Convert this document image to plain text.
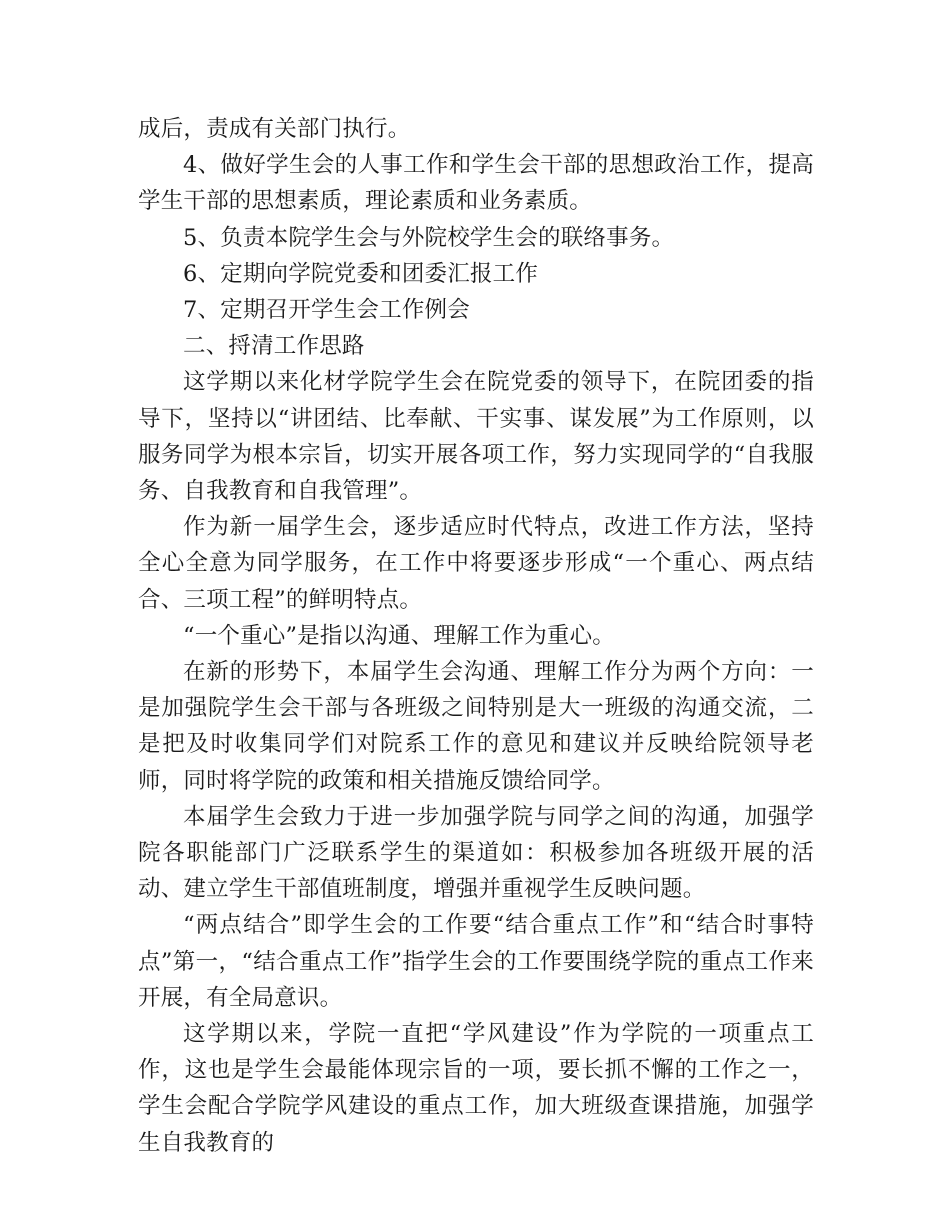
成后，责成有关部门执行。

4、做好学生会的人事工作和学生会干部的思想政治工作，提高学生干部的思想素质，理论素质和业务素质。

5、负责本院学生会与外院校学生会的联络事务。

6、定期向学院党委和团委汇报工作

7、定期召开学生会工作例会

二、捋清工作思路

这学期以来化材学院学生会在院党委的领导下，在院团委的指导下，坚持以“讲团结、比奉献、干实事、谋发展”为工作原则，以服务同学为根本宗旨，切实开展各项工作，努力实现同学的“自我服务、自我教育和自我管理”。

作为新一届学生会，逐步适应时代特点，改进工作方法，坚持全心全意为同学服务，在工作中将要逐步形成“一个重心、两点结合、三项工程”的鲜明特点。

“一个重心”是指以沟通、理解工作为重心。

在新的形势下，本届学生会沟通、理解工作分为两个方向：一是加强院学生会干部与各班级之间特别是大一班级的沟通交流，二是把及时收集同学们对院系工作的意见和建议并反映给院领导老师，同时将学院的政策和相关措施反馈给同学。

本届学生会致力于进一步加强学院与同学之间的沟通，加强学院各职能部门广泛联系学生的渠道如：积极参加各班级开展的活动、建立学生干部值班制度，增强并重视学生反映问题。

“两点结合”即学生会的工作要“结合重点工作”和“结合时事特点”第一，“结合重点工作”指学生会的工作要围绕学院的重点工作来开展，有全局意识。

这学期以来，学院一直把“学风建设”作为学院的一项重点工作，这也是学生会最能体现宗旨的一项，要长抓不懈的工作之一，学生会配合学院学风建设的重点工作，加大班级查课措施，加强学生自我教育的
